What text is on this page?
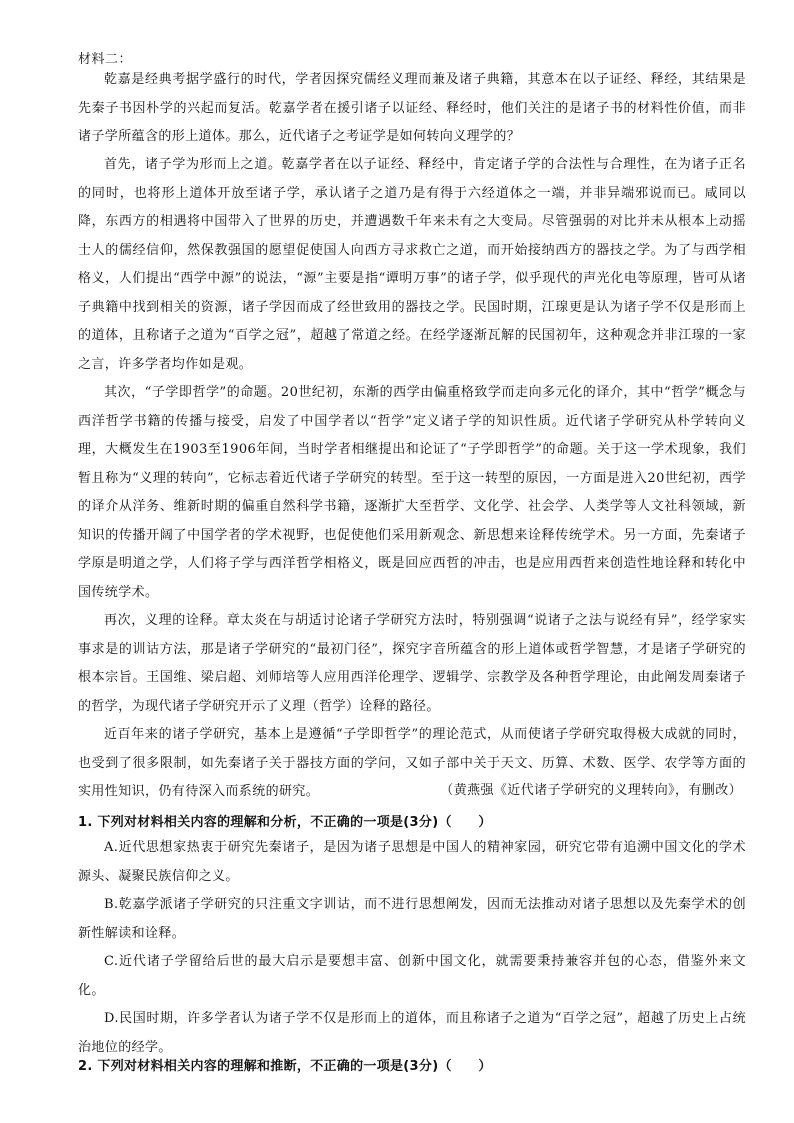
材料二：

乾嘉是经典考据学盛行的时代，学者因探究儒经义理而兼及诸子典籍，其意本在以子证经、释经，其结果是先秦子书因朴学的兴起而复活。乾嘉学者在援引诸子以证经、释经时，他们关注的是诸子书的材料性价值，而非诸子学所蕴含的形上道体。那么，近代诸子之考证学是如何转向义理学的？

首先，诸子学为形而上之道。乾嘉学者在以子证经、释经中，肯定诸子学的合法性与合理性，在为诸子正名的同时，也将形上道体开放至诸子学，承认诸子之道乃是有得于六经道体之一端，并非异端邪说而已。咸同以降，东西方的相遇将中国带入了世界的历史，并遭遇数千年来未有之大变局。尽管强弱的对比并未从根本上动摇士人的儒经信仰，然保教强国的愿望促使国人向西方寻求救亡之道，而开始接纳西方的器技之学。为了与西学相格义，人们提出“西学中源”的说法，“源”主要是指“谭明万事”的诸子学，似乎现代的声光化电等原理，皆可从诸子典籍中找到相关的资源，诸子学因而成了经世致用的器技之学。民国时期，江瑔更是认为诸子学不仅是形而上的道体，且称诸子之道为“百学之冠”，超越了常道之经。在经学逐渐瓦解的民国初年，这种观念并非江瑔的一家之言，许多学者均作如是观。

其次，“子学即哲学”的命题。20世纪初，东渐的西学由偏重格致学而走向多元化的译介，其中“哲学”概念与西洋哲学书籍的传播与接受，启发了中国学者以“哲学”定义诸子学的知识性质。近代诸子学研究从朴学转向义理，大概发生在1903至1906年间，当时学者相继提出和论证了“子学即哲学”的命题。关于这一学术现象，我们暂且称为“义理的转向”，它标志着近代诸子学研究的转型。至于这一转型的原因，一方面是进入20世纪初，西学的译介从洋务、维新时期的偏重自然科学书籍，逐渐扩大至哲学、文化学、社会学、人类学等人文社科领域，新知识的传播开阔了中国学者的学术视野，也促使他们采用新观念、新思想来诠释传统学术。另一方面，先秦诸子学原是明道之学，人们将子学与西洋哲学相格义，既是回应西哲的冲击，也是应用西哲来创造性地诠释和转化中国传统学术。

再次，义理的诠释。章太炎在与胡适讨论诸子学研究方法时，特别强调“说诸子之法与说经有异”，经学家实事求是的训诂方法，那是诸子学研究的“最初门径”，探究字音所蕴含的形上道体或哲学智慧，才是诸子学研究的根本宗旨。王国维、梁启超、刘师培等人应用西洋伦理学、逻辑学、宗教学及各种哲学理论，由此阐发周秦诸子的哲学，为现代诸子学研究开示了义理（哲学）诠释的路径。

近百年来的诸子学研究，基本上是遵循“子学即哲学”的理论范式，从而使诸子学研究取得极大成就的同时，也受到了很多限制，如先秦诸子关于器技方面的学问，又如子部中关于天文、历算、术数、医学、农学等方面的实用性知识，仍有待深入而系统的研究。	（黄燕强《近代诸子学研究的义理转向》，有删改）

1. 下列对材料相关内容的理解和分析，不正确的一项是(3分)（　　）

A.近代思想家热衷于研究先秦诸子，是因为诸子思想是中国人的精神家园，研究它带有追溯中国文化的学术源头、凝聚民族信仰之义。

B.乾嘉学派诸子学研究的只注重文字训诂，而不进行思想阐发，因而无法推动对诸子思想以及先秦学术的创新性解读和诠释。

C.近代诸子学留给后世的最大启示是要想丰富、创新中国文化，就需要秉持兼容并包的心态，借鉴外来文化。

D.民国时期，许多学者认为诸子学不仅是形而上的道体，而且称诸子之道为“百学之冠”，超越了历史上占统治地位的经学。

2. 下列对材料相关内容的理解和推断，不正确的一项是(3分)（　　）
